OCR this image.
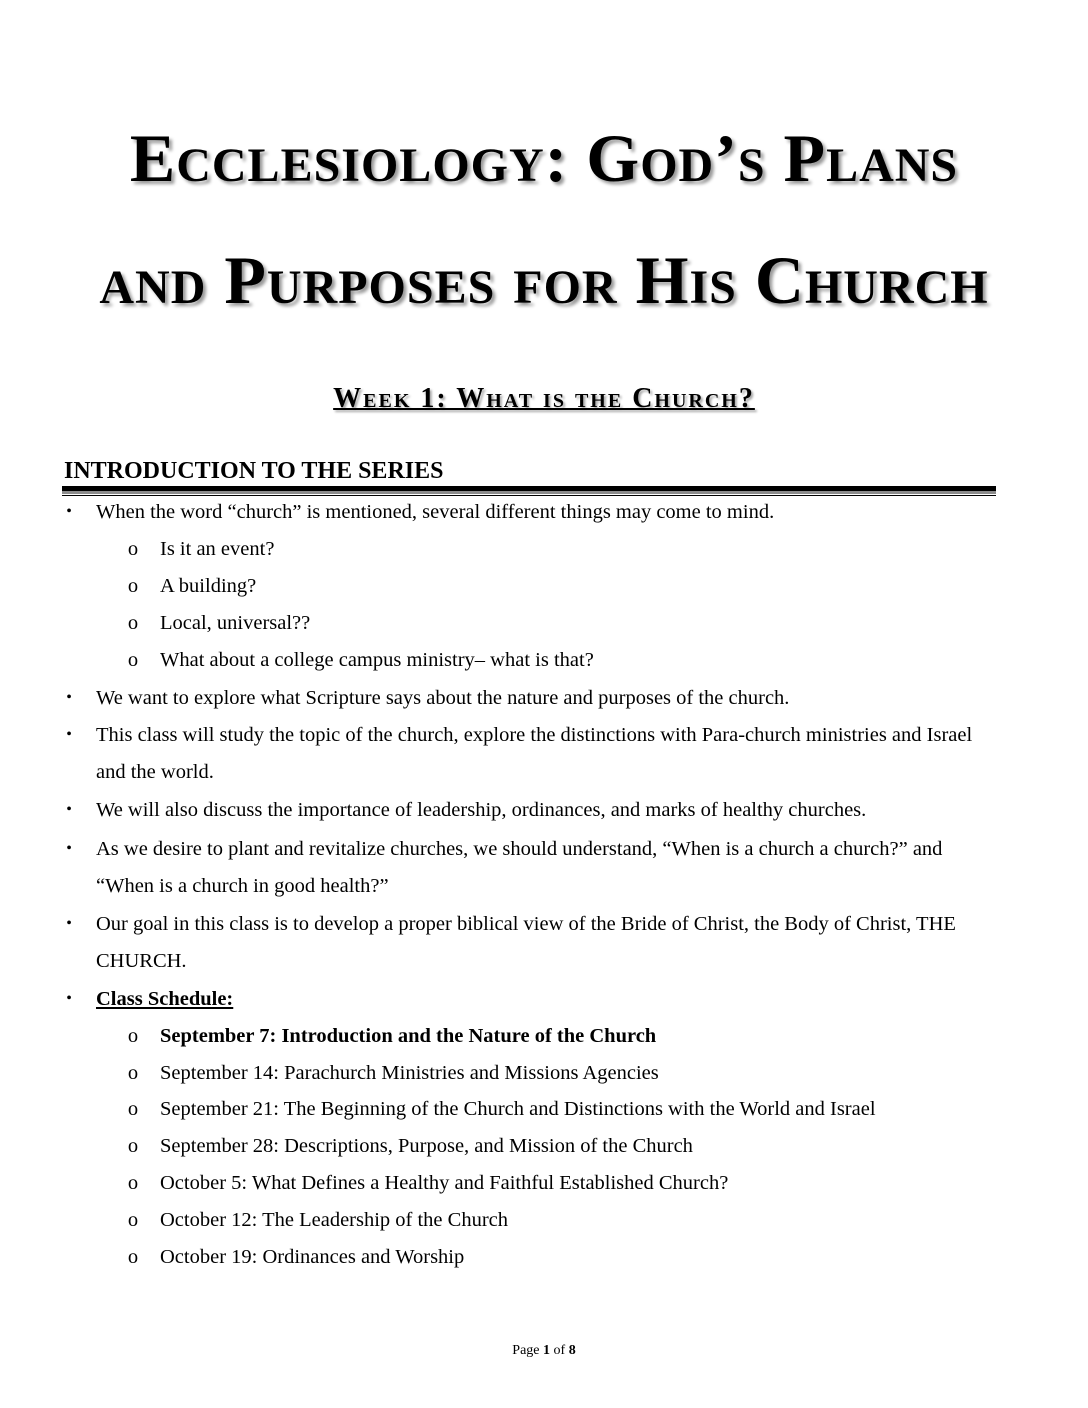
Ecclesiology: God’s Plans
and Purposes for His Church
Week 1: What is the Church?
INTRODUCTION TO THE SERIES
• When the word “church” is mentioned, several different things may come to mind.
o Is it an event?
o A building?
o Local, universal??
o What about a college campus ministry– what is that?
• We want to explore what Scripture says about the nature and purposes of the church.
• This class will study the topic of the church, explore the distinctions with Para-church ministries and Israel
and the world.
• We will also discuss the importance of leadership, ordinances, and marks of healthy churches.
• As we desire to plant and revitalize churches, we should understand, “When is a church a church?” and
“When is a church in good health?”
• Our goal in this class is to develop a proper biblical view of the Bride of Christ, the Body of Christ, THE
CHURCH.
• Class Schedule:
o September 7: Introduction and the Nature of the Church
o September 14: Parachurch Ministries and Missions Agencies
o September 21: The Beginning of the Church and Distinctions with the World and Israel
o September 28: Descriptions, Purpose, and Mission of the Church
o October 5: What Defines a Healthy and Faithful Established Church?
o October 12: The Leadership of the Church
o October 19: Ordinances and Worship
Page 1 of 8
